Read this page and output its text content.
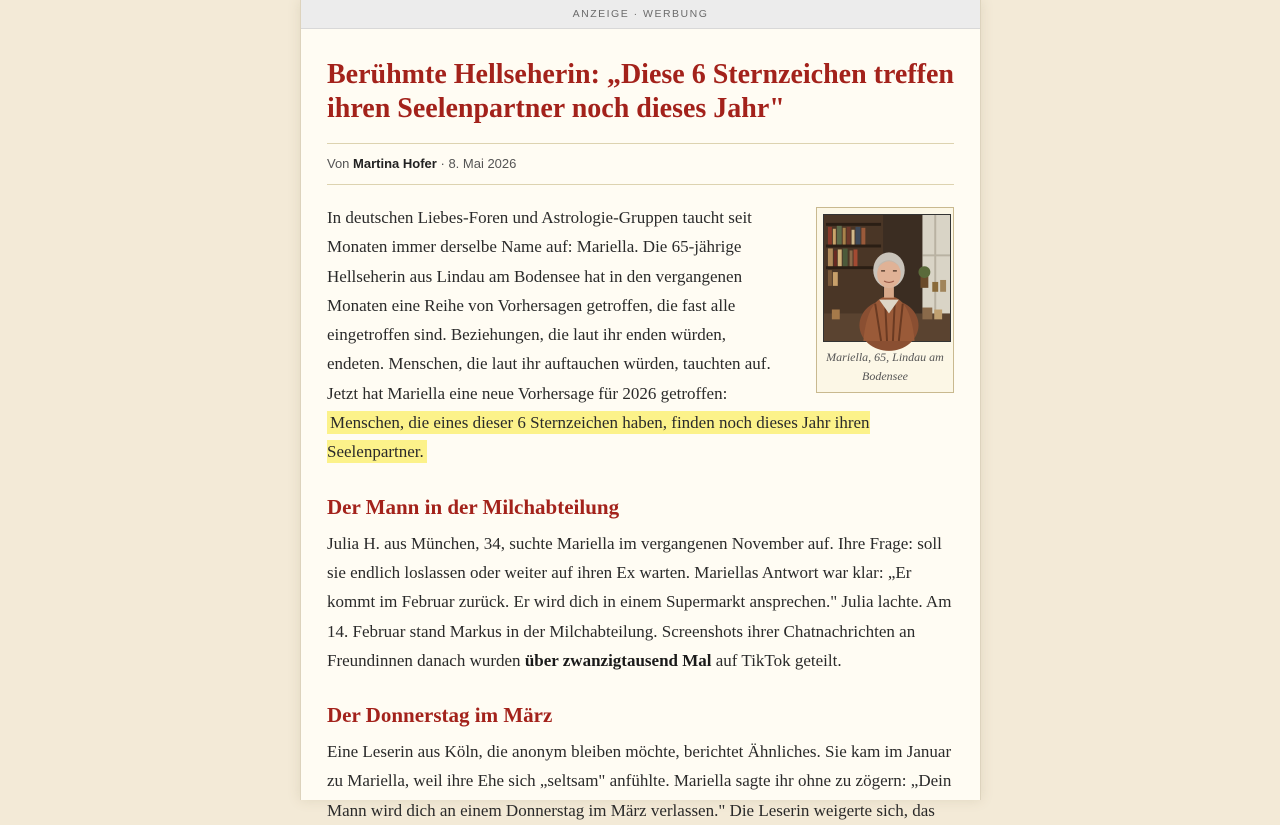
ANZEIGE · WERBUNG
Berühmte Hellseherin: „Diese 6 Sternzeichen treffen ihren Seelenpartner noch dieses Jahr"
Von Martina Hofer · 8. Mai 2026

Mariella, 65, Lindau am Bodensee
In deutschen Liebes-Foren und Astrologie-Gruppen taucht seit Monaten immer derselbe Name auf: Mariella. Die 65-jährige Hellseherin aus Lindau am Bodensee hat in den vergangenen Monaten eine Reihe von Vorhersagen getroffen, die fast alle eingetroffen sind. Beziehungen, die laut ihr enden würden, endeten. Menschen, die laut ihr auftauchen würden, tauchten auf. Jetzt hat Mariella eine neue Vorhersage für 2026 getroffen: Menschen, die eines dieser 6 Sternzeichen haben, finden noch dieses Jahr ihren Seelenpartner.

Der Mann in der Milchabteilung

Julia H. aus München, 34, suchte Mariella im vergangenen November auf. Ihre Frage: soll sie endlich loslassen oder weiter auf ihren Ex warten. Mariellas Antwort war klar: „Er kommt im Februar zurück. Er wird dich in einem Supermarkt ansprechen." Julia lachte. Am 14. Februar stand Markus in der Milchabteilung. Screenshots ihrer Chatnachrichten an Freundinnen danach wurden über zwanzigtausend Mal auf TikTok geteilt.

Der Donnerstag im März

Eine Leserin aus Köln, die anonym bleiben möchte, berichtet Ähnliches. Sie kam im Januar zu Mariella, weil ihre Ehe sich „seltsam" anfühlte. Mariella sagte ihr ohne zu zögern: „Dein Mann wird dich an einem Donnerstag im März verlassen." Die Leserin weigerte sich, das
